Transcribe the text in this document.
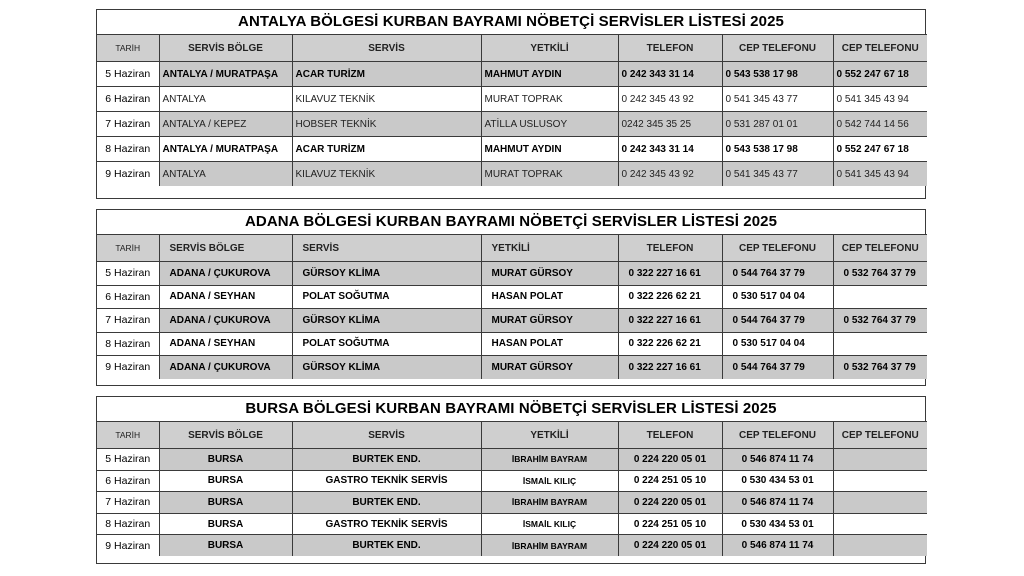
ANTALYA BÖLGESİ KURBAN BAYRAMI NÖBETÇİ SERVİSLER LİSTESİ 2025
TARİH	SERVİS BÖLGE	SERVİS	YETKİLİ	TELEFON	CEP TELEFONU	CEP TELEFONU
5 Haziran	ANTALYA / MURATPAŞA	ACAR TURİZM	MAHMUT AYDIN	0 242 343 31 14	0 543 538 17 98	0 552 247 67 18
6 Haziran	ANTALYA	KILAVUZ TEKNİK	MURAT TOPRAK	0 242 345 43 92	0 541 345 43 77	0 541 345 43 94
7 Haziran	ANTALYA / KEPEZ	HOBSER TEKNİK	ATİLLA USLUSOY	0242 345 35 25	0 531 287 01 01	0 542 744 14 56
8 Haziran	ANTALYA / MURATPAŞA	ACAR TURİZM	MAHMUT AYDIN	0 242 343 31 14	0 543 538 17 98	0 552 247 67 18
9 Haziran	ANTALYA	KILAVUZ TEKNİK	MURAT TOPRAK	0 242 345 43 92	0 541 345 43 77	0 541 345 43 94
ADANA BÖLGESİ KURBAN BAYRAMI NÖBETÇİ SERVİSLER LİSTESİ 2025
TARİH	SERVİS BÖLGE	SERVİS	YETKİLİ	TELEFON	CEP TELEFONU	CEP TELEFONU
5 Haziran	ADANA / ÇUKUROVA	GÜRSOY KLİMA	MURAT GÜRSOY	0 322 227 16 61	0 544 764 37 79	0 532 764 37 79
6 Haziran	ADANA / SEYHAN	POLAT SOĞUTMA	HASAN POLAT	0 322 226 62 21	0 530 517 04 04	
7 Haziran	ADANA / ÇUKUROVA	GÜRSOY KLİMA	MURAT GÜRSOY	0 322 227 16 61	0 544 764 37 79	0 532 764 37 79
8 Haziran	ADANA / SEYHAN	POLAT SOĞUTMA	HASAN POLAT	0 322 226 62 21	0 530 517 04 04	
9 Haziran	ADANA / ÇUKUROVA	GÜRSOY KLİMA	MURAT GÜRSOY	0 322 227 16 61	0 544 764 37 79	0 532 764 37 79
BURSA BÖLGESİ KURBAN BAYRAMI NÖBETÇİ SERVİSLER LİSTESİ 2025
TARİH	SERVİS BÖLGE	SERVİS	YETKİLİ	TELEFON	CEP TELEFONU	CEP TELEFONU
5 Haziran	BURSA	BURTEK END.	İBRAHİM BAYRAM	0 224 220 05 01	0 546 874 11 74	
6 Haziran	BURSA	GASTRO TEKNİK SERVİS	İSMAİL KILIÇ	0 224 251 05 10	0 530 434 53 01	
7 Haziran	BURSA	BURTEK END.	İBRAHİM BAYRAM	0 224 220 05 01	0 546 874 11 74	
8 Haziran	BURSA	GASTRO TEKNİK SERVİS	İSMAİL KILIÇ	0 224 251 05 10	0 530 434 53 01	
9 Haziran	BURSA	BURTEK END.	İBRAHİM BAYRAM	0 224 220 05 01	0 546 874 11 74	
